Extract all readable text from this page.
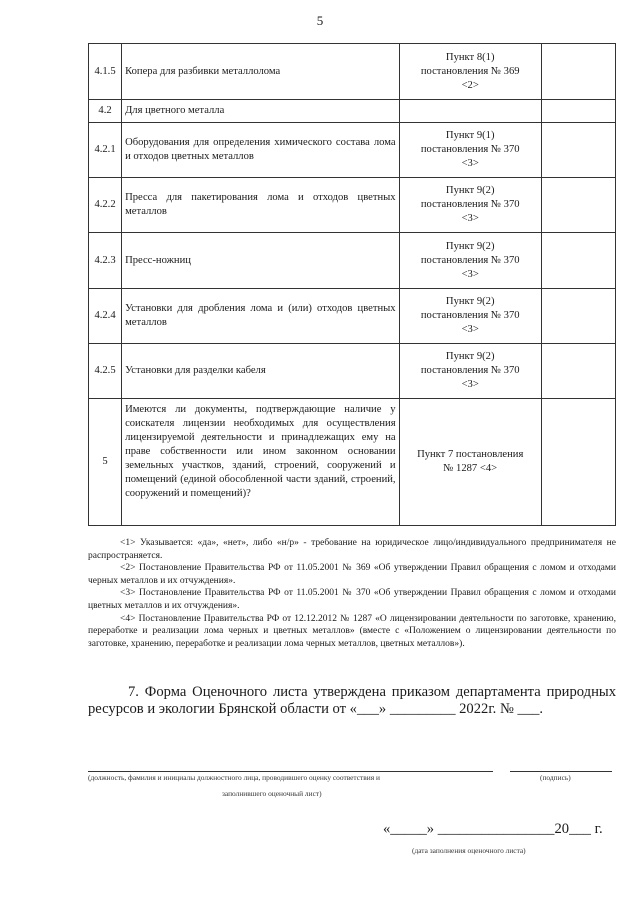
5
4.1.5	Копера для разбивки металлолома	Пункт 8(1)
постановления № 369
<2>	

4.2	Для цветного металла		
4.2.1	Оборудования для определения химического состава лома и отходов цветных металлов	Пункт 9(1)
постановления № 370
<3>	

4.2.2	Пресса для пакетирования лома и отходов цветных металлов	Пункт 9(2)
постановления № 370
<3>	

4.2.3	Пресс-ножниц	Пункт 9(2)
постановления № 370
<3>	

4.2.4	Установки для дробления лома и (или) отходов цветных металлов	Пункт 9(2)
постановления № 370
<3>	

4.2.5	Установки для разделки кабеля	Пункт 9(2)
постановления № 370
<3>	

5	Имеются ли документы, подтверждающие наличие у соискателя лицензии необходимых для осуществления лицензируемой деятельности и принадлежащих ему на праве собственности или ином законном основании земельных участков, зданий, строений, сооружений и помещений (единой обособленной части зданий, строений, сооружений и помещений)?	Пункт 7 постановления
№ 1287 <4>	

<1> Указывается: «да», «нет», либо «н/р» - требование на юридическое лицо/индивидуального предпринимателя не распространяется.

<2> Постановление Правительства РФ от 11.05.2001 № 369 «Об утверждении Правил обращения с ломом и отходами черных металлов и их отчуждения».

<3> Постановление Правительства РФ от 11.05.2001 № 370 «Об утверждении Правил обращения с ломом и отходами цветных металлов и их отчуждения».

<4> Постановление Правительства РФ от 12.12.2012 № 1287 «О лицензировании деятельности по заготовке, хранению, переработке и реализации лома черных и цветных металлов» (вместе с «Положением о лицензировании деятельности по заготовке, хранению, переработке и реализации лома черных металлов, цветных металлов»).

7. Форма Оценочного листа утверждена приказом департамента природных ресурсов и экологии Брянской области от «___» _________ 2022г. № ___.

(должность, фамилия и инициалы должностного лица, проводившего оценку соответствия и
заполнившего оценочный лист)
(подпись)
«_____» ________________20___ г.
(дата заполнения оценочного листа)
